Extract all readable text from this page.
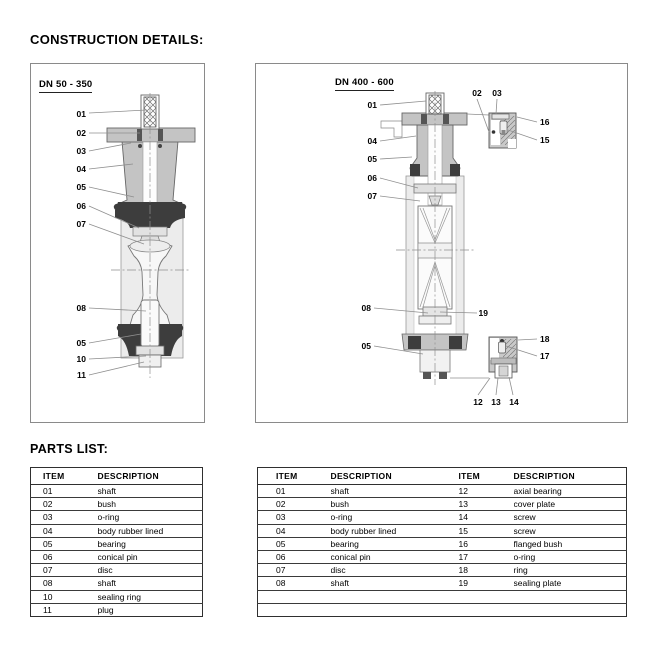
CONSTRUCTION DETAILS:
DN 50 - 350
01
02
03
04
05
06
07
08
05
10
11
DN 400 - 600
01
04
05
06
07
08
05
19
16
15
18
17
02 03
12 13 14
PARTS LIST:
ITEM	DESCRIPTION
01	shaft
02	bush
03	o-ring
04	body rubber lined
05	bearing
06	conical pin
07	disc
08	shaft
10	sealing ring
11	plug
ITEM	DESCRIPTION	ITEM	DESCRIPTION
01	shaft	12	axial bearing
02	bush	13	cover plate
03	o-ring	14	screw
04	body rubber lined	15	screw
05	bearing	16	flanged bush
06	conical pin	17	o-ring
07	disc	18	ring
08	shaft	19	sealing plate
